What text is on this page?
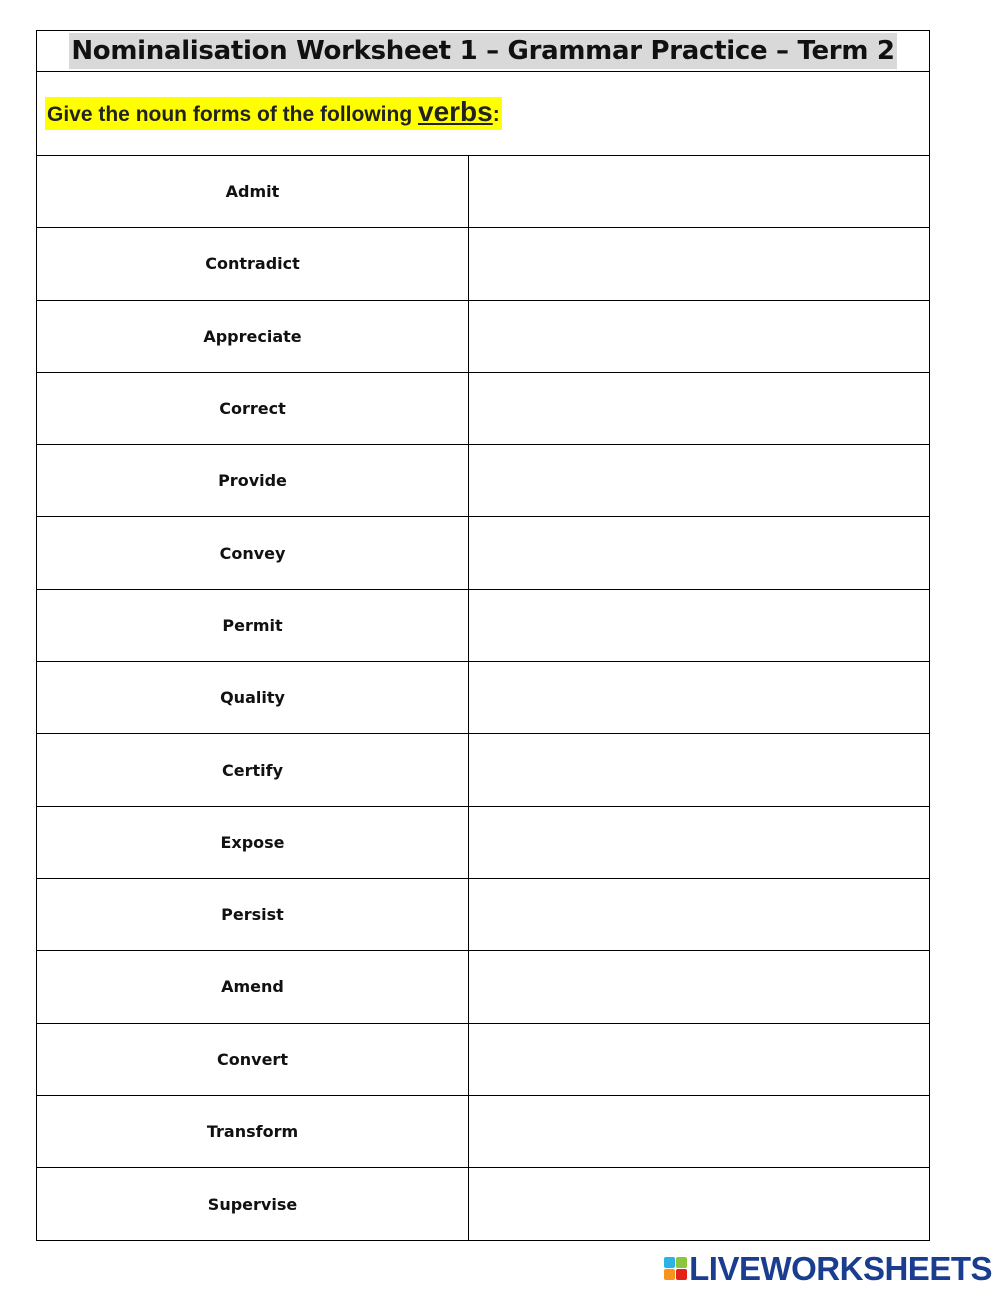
Nominalisation Worksheet 1 – Grammar Practice – Term 2
Give the noun forms of the following verbs:
Admit
Contradict
Appreciate
Correct
Provide
Convey
Permit
Quality
Certify
Expose
Persist
Amend
Convert
Transform
Supervise
LIVEWORKSHEETS
